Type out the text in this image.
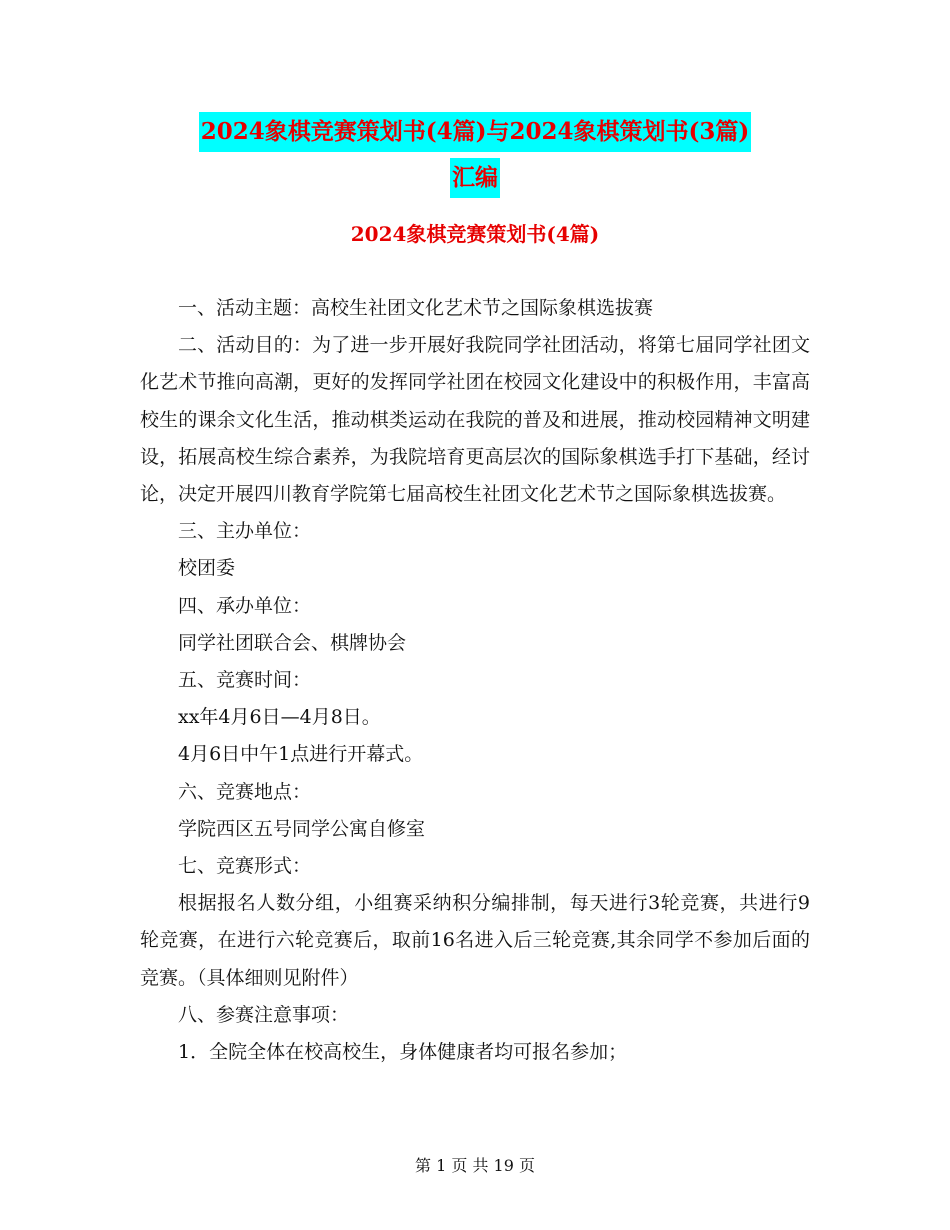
2024象棋竞赛策划书(4篇)与2024象棋策划书(3篇)
汇编
2024象棋竞赛策划书(4篇)

一、活动主题：高校生社团文化艺术节之国际象棋选拔赛

二、活动目的：为了进一步开展好我院同学社团活动，将第七届同学社团文化艺术节推向高潮，更好的发挥同学社团在校园文化建设中的积极作用，丰富高校生的课余文化生活，推动棋类运动在我院的普及和进展，推动校园精神文明建设，拓展高校生综合素养，为我院培育更高层次的国际象棋选手打下基础，经讨论，决定开展四川教育学院第七届高校生社团文化艺术节之国际象棋选拔赛。

三、主办单位：

校团委

四、承办单位：

同学社团联合会、棋牌协会

五、竞赛时间：

xx年4月6日—4月8日。

4月6日中午1点进行开幕式。

六、竞赛地点：

学院西区五号同学公寓自修室

七、竞赛形式：

根据报名人数分组，小组赛采纳积分编排制，每天进行3轮竞赛，共进行9轮竞赛，在进行六轮竞赛后，取前16名进入后三轮竞赛,其余同学不参加后面的竞赛。（具体细则见附件）

八、参赛注意事项：

1．全院全体在校高校生，身体健康者均可报名参加；

第 1 页 共 19 页
